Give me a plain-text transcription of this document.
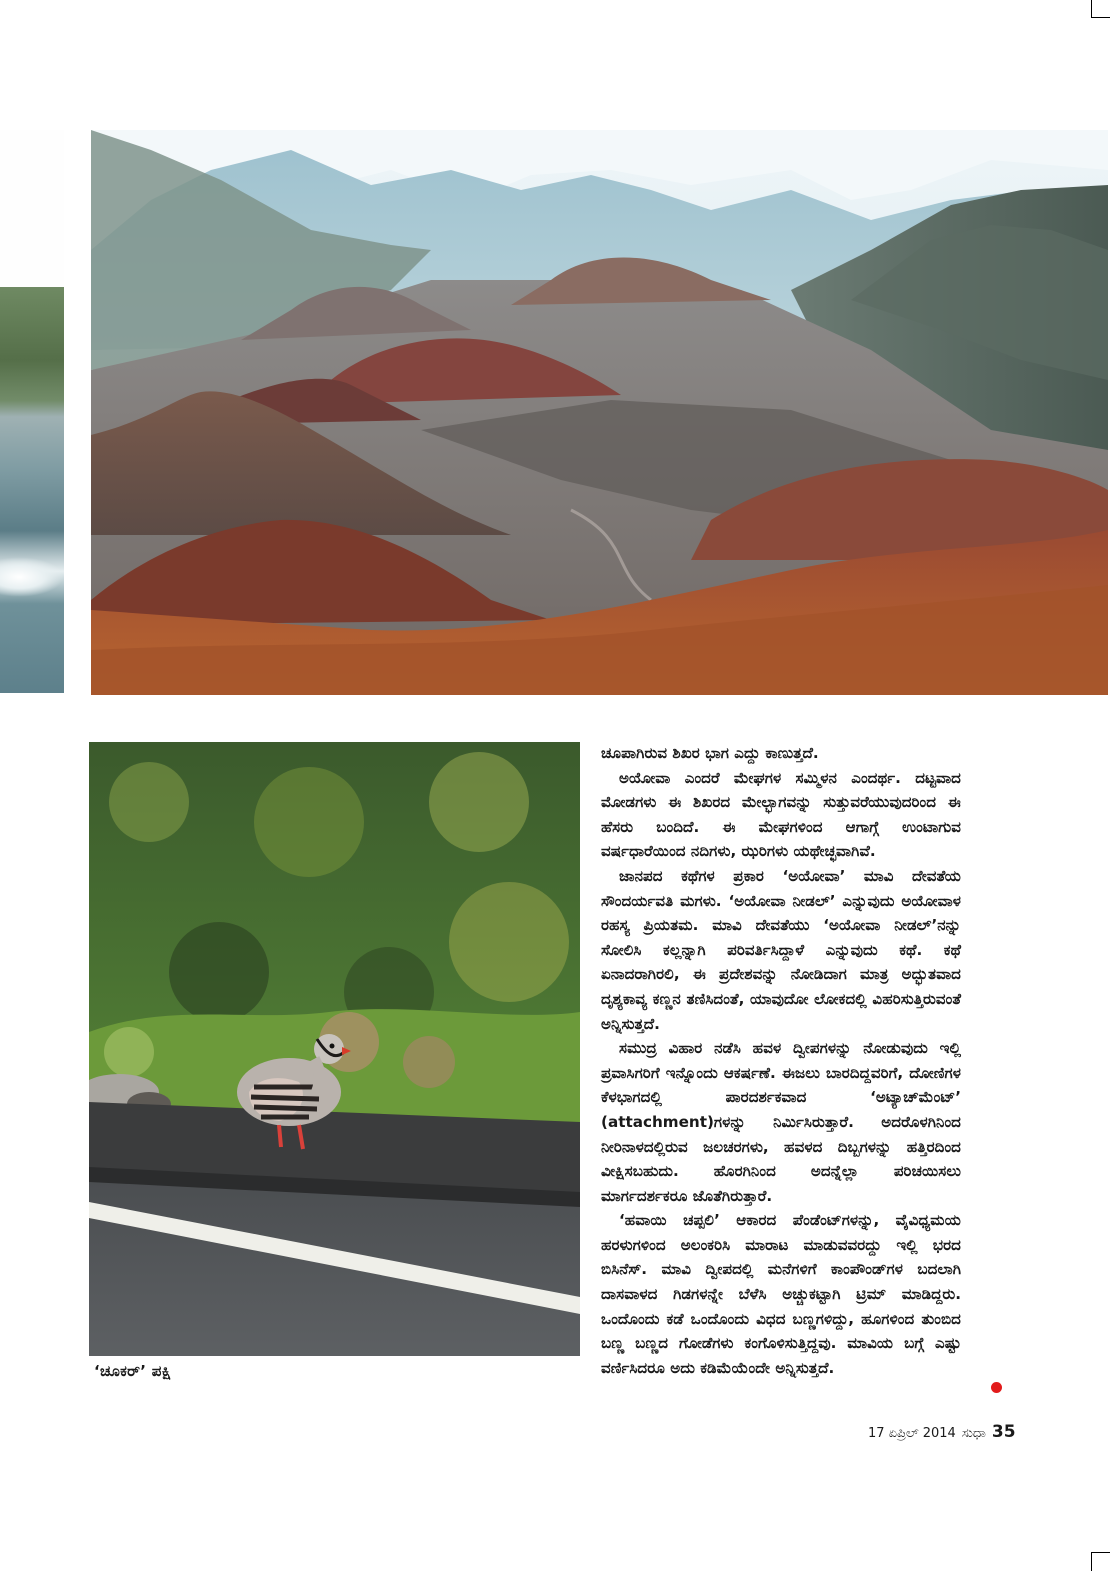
‘ಚೂಕರ್’ ಪಕ್ಷಿ

ಚೂಪಾಗಿರುವ ಶಿಖರ ಭಾಗ ಎದ್ದು ಕಾಣುತ್ತದೆ.

ಅಯೋವಾ ಎಂದರೆ ಮೇಘಗಳ ಸಮ್ಮಿಳನ ಎಂದರ್ಥ. ದಟ್ಟವಾದ ಮೋಡಗಳು ಈ ಶಿಖರದ ಮೇಲ್ಭಾಗವನ್ನು ಸುತ್ತುವರೆಯುವುದರಿಂದ ಈ ಹೆಸರು ಬಂದಿದೆ. ಈ ಮೇಘಗಳಿಂದ ಆಗಾಗ್ಗೆ ಉಂಟಾಗುವ ವರ್ಷಧಾರೆಯಿಂದ ನದಿಗಳು, ಝರಿಗಳು ಯಥೇಚ್ಛವಾಗಿವೆ.

ಜಾನಪದ ಕಥೆಗಳ ಪ್ರಕಾರ ‘ಅಯೋವಾ’ ಮಾವಿ ದೇವತೆಯ ಸೌಂದರ್ಯವತಿ ಮಗಳು. ‘ಅಯೋವಾ ನೀಡಲ್’ ಎನ್ನುವುದು ಅಯೋವಾಳ ರಹಸ್ಯ ಪ್ರಿಯತಮ. ಮಾವಿ ದೇವತೆಯು ‘ಅಯೋವಾ ನೀಡಲ್’ನನ್ನು ಸೋಲಿಸಿ ಕಲ್ಲನ್ನಾಗಿ ಪರಿವರ್ತಿಸಿದ್ದಾಳೆ ಎನ್ನುವುದು ಕಥೆ. ಕಥೆ ಏನಾದರಾಗಿರಲಿ, ಈ ಪ್ರದೇಶವನ್ನು ನೋಡಿದಾಗ ಮಾತ್ರ ಅದ್ಭುತವಾದ ದೃಶ್ಯಕಾವ್ಯ ಕಣ್ಣನ ತಣಿಸಿದಂತೆ, ಯಾವುದೋ ಲೋಕದಲ್ಲಿ ವಿಹರಿಸುತ್ತಿರುವಂತೆ ಅನ್ನಿಸುತ್ತದೆ.

ಸಮುದ್ರ ವಿಹಾರ ನಡೆಸಿ ಹವಳ ದ್ವೀಪಗಳನ್ನು ನೋಡುವುದು ಇಲ್ಲಿ ಪ್ರವಾಸಿಗರಿಗೆ ಇನ್ನೊಂದು ಆಕರ್ಷಣೆ. ಈಜಲು ಬಾರದಿದ್ದವರಿಗೆ, ದೋಣಿಗಳ ಕೆಳಭಾಗದಲ್ಲಿ ಪಾರದರ್ಶಕವಾದ ‘ಅಟ್ಯಾಚ್‌ಮೆಂಟ್’ (attachment)ಗಳನ್ನು ನಿರ್ಮಿಸಿರುತ್ತಾರೆ. ಅದರೊಳಗಿನಿಂದ ನೀರಿನಾಳದಲ್ಲಿರುವ ಜಲಚರಗಳು, ಹವಳದ ದಿಬ್ಬಗಳನ್ನು ಹತ್ತಿರದಿಂದ ವೀಕ್ಷಿಸಬಹುದು. ಹೊರಗಿನಿಂದ ಅದನ್ನೆಲ್ಲಾ ಪರಿಚಯಿಸಲು ಮಾರ್ಗದರ್ಶಕರೂ ಜೊತೆಗಿರುತ್ತಾರೆ.

‘ಹವಾಯಿ ಚಪ್ಪಲಿ’ ಆಕಾರದ ಪೆಂಡೆಂಟ್‌ಗಳನ್ನು, ವೈವಿಧ್ಯಮಯ ಹರಳುಗಳಿಂದ ಅಲಂಕರಿಸಿ ಮಾರಾಟ ಮಾಡುವವರದ್ದು ಇಲ್ಲಿ ಭರದ ಬಿಸಿನೆಸ್. ಮಾವಿ ದ್ವೀಪದಲ್ಲಿ ಮನೆಗಳಿಗೆ ಕಾಂಪೌಂಡ್‌ಗಳ ಬದಲಾಗಿ ದಾಸವಾಳದ ಗಿಡಗಳನ್ನೇ ಬೆಳೆಸಿ ಅಚ್ಚುಕಟ್ಟಾಗಿ ಟ್ರಿಮ್ ಮಾಡಿದ್ದರು. ಒಂದೊಂದು ಕಡೆ ಒಂದೊಂದು ವಿಧದ ಬಣ್ಣಗಳಿದ್ದು, ಹೂಗಳಿಂದ ತುಂಬಿದ ಬಣ್ಣ ಬಣ್ಣದ ಗೋಡೆಗಳು ಕಂಗೊಳಿಸುತ್ತಿದ್ದವು. ಮಾವಿಯ ಬಗ್ಗೆ ಎಷ್ಟು ವರ್ಣಿಸಿದರೂ ಅದು ಕಡಿಮೆಯೆಂದೇ ಅನ್ನಿಸುತ್ತದೆ.

17 ಏಪ್ರಿಲ್ 2014 ಸುಧಾ 35
